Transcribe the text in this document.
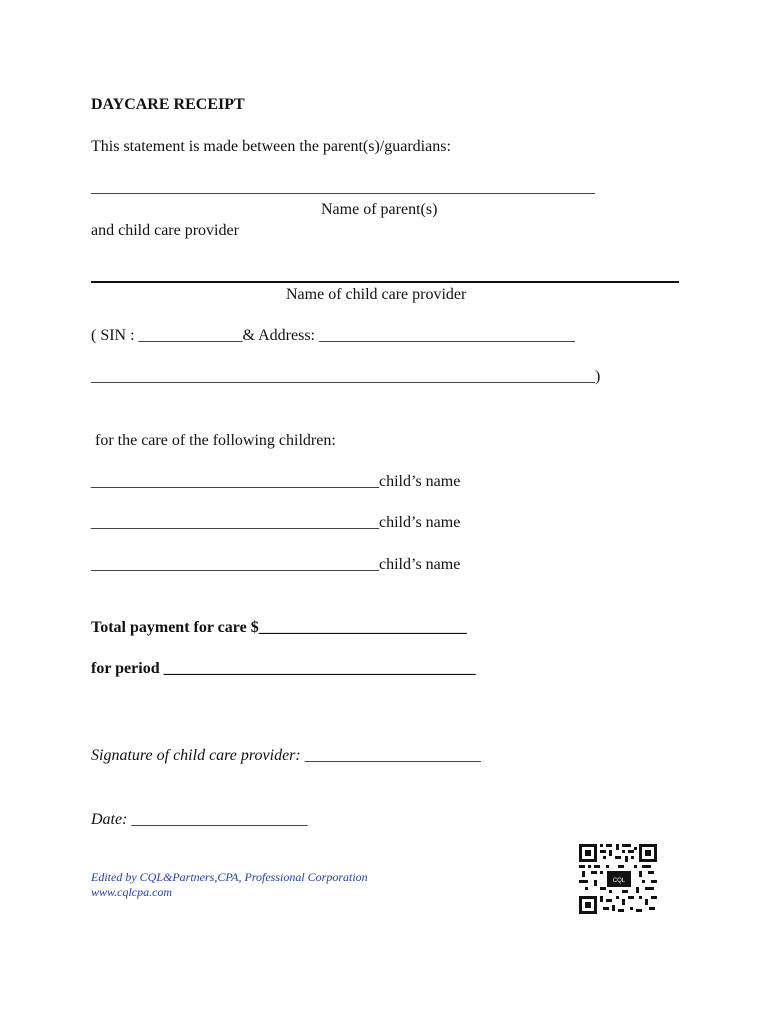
DAYCARE RECEIPT
This statement is made between the parent(s)/guardians:
_______________________________________________________________
Name of parent(s)
and child care provider
Name of child care provider
( SIN : _____________& Address: ________________________________
_______________________________________________________________)
for the care of the following children:
____________________________________child’s name
____________________________________child’s name
____________________________________child’s name
Total payment for care $__________________________
for period _______________________________________
Signature of child care provider: ______________________
Date: ______________________
Edited by CQL&Partners,CPA, Professional Corporation
www.cqlcpa.com
CQL
